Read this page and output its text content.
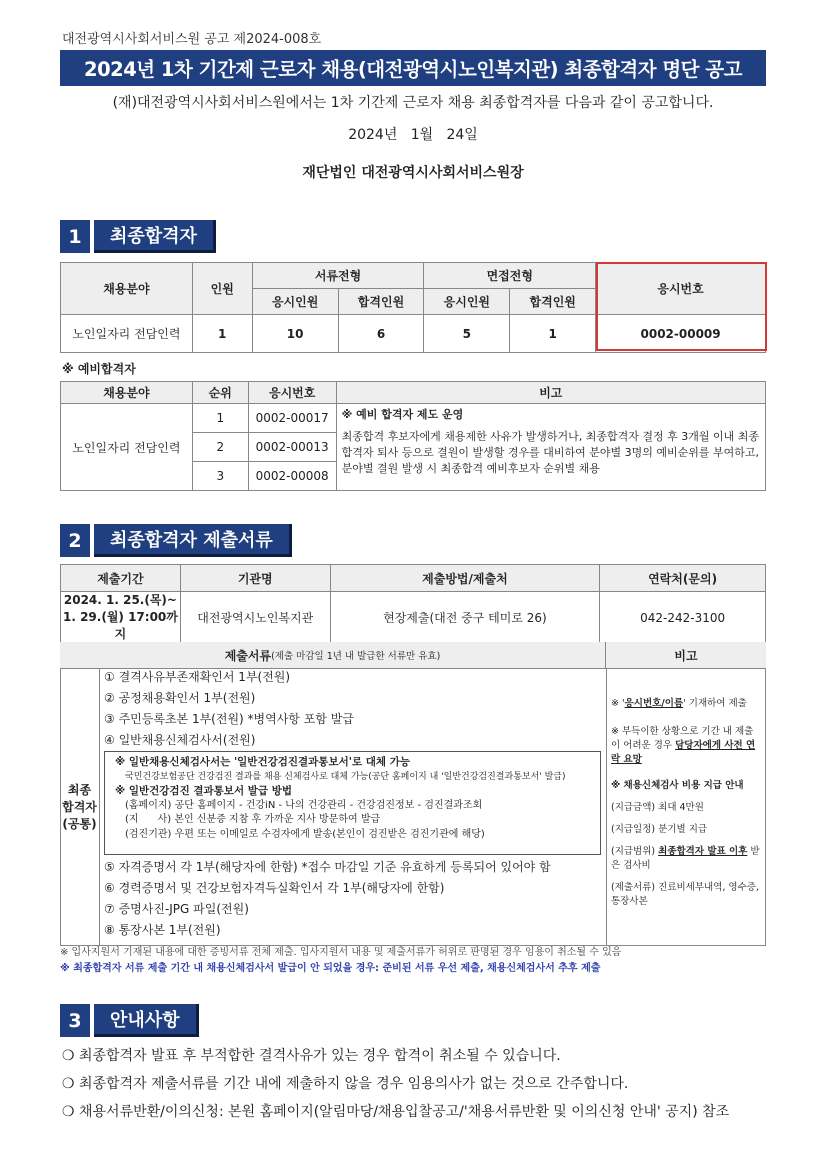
대전광역시사회서비스원 공고 제2024-008호
2024년 1차 기간제 근로자 채용(대전광역시노인복지관) 최종합격자 명단 공고
(재)대전광역시사회서비스원에서는 1차 기간제 근로자 채용 최종합격자를 다음과 같이 공고합니다.
2024년   1월   24일
재단법인 대전광역시사회서비스원장
1	최종합격자
채용분야	인원	서류전형		면접전형		응시번호
		응시인원	합격인원	응시인원	합격인원	
노인일자리 전담인력	1	10	6	5	1	0002-00009
※ 예비합격자
채용분야	순위	응시번호	비고
노인일자리 전담인력	1	0002-00017	※ 예비 합격자 제도 운영
최종합격 후보자에게 채용제한 사유가 발생하거나, 최종합격자 결정 후 3개월 이내 최종합격자 퇴사 등으로 결원이 발생할 경우를 대비하여 분야별 3명의 예비순위를 부여하고, 분야별 결원 발생 시 최종합격 예비후보자 순위별 채용

	2	0002-00013	
	3	0002-00008	
2	최종합격자 제출서류
제출기간	기관명	제출방법/제출처	연락처(문의)

2024. 1. 25.(목)~
1. 29.(월) 17:00까지	대전광역시노인복지관	현장제출(대전 중구 테미로 26)	042-242-3100
제출서류 (제출 마감일 1년 내 발급한 서류만 유효)	비고
최종
합격자
(공통)
① 결격사유부존재확인서 1부(전원)
② 공정채용확인서 1부(전원)
③ 주민등록초본 1부(전원) *병역사항 포함 발급
④ 일반채용신체검사서(전원)
※ 일반채용신체검사서는 '일반건강검진결과통보서'로 대체 가능
국민건강보험공단 건강검진 결과를 채용 신체검사로 대체 가능(공단 홈페이지 내 '일반건강검진결과통보서' 발급)
※ 일반건강검진 결과통보서 발급 방법
(홈페이지) 공단 홈페이지 - 건강iN - 나의 건강관리 - 건강검진정보 - 검진결과조회
(지      사) 본인 신분증 지참 후 가까운 지사 방문하여 발급
(검진기관) 우편 또는 이메일로 수검자에게 발송(본인이 검진받은 검진기관에 해당)
⑤ 자격증명서 각 1부(해당자에 한함) *접수 마감일 기준 유효하게 등록되어 있어야 함
⑥ 경력증명서 및 건강보험자격득실확인서 각 1부(해당자에 한함)
⑦ 증명사진-JPG 파일(전원)
⑧ 통장사본 1부(전원)

※ '응시번호/이름' 기재하여 제출

※ 부득이한 상황으로 기간 내 제출이 어려운 경우 담당자에게 사전 연락 요망

※ 채용신체검사 비용 지급 안내

(지급금액) 최대 4만원

(지급일정) 분기별 지급

(지급범위) 최종합격자 발표 이후 받은 검사비

(제출서류) 진료비세부내역, 영수증, 통장사본

※ 입사지원서 기재된 내용에 대한 증빙서류 전체 제출. 입사지원서 내용 및 제출서류가 허위로 판명된 경우 임용이 취소될 수 있음
※ 최종합격자 서류 제출 기간 내 채용신체검사서 발급이 안 되었을 경우: 준비된 서류 우선 제출, 채용신체검사서 추후 제출
3	안내사항
❍ 최종합격자 발표 후 부적합한 결격사유가 있는 경우 합격이 취소될 수 있습니다.
❍ 최종합격자 제출서류를 기간 내에 제출하지 않을 경우 임용의사가 없는 것으로 간주합니다.
❍ 채용서류반환/이의신청: 본원 홈페이지(알림마당/채용입찰공고/'채용서류반환 및 이의신청 안내' 공지) 참조
